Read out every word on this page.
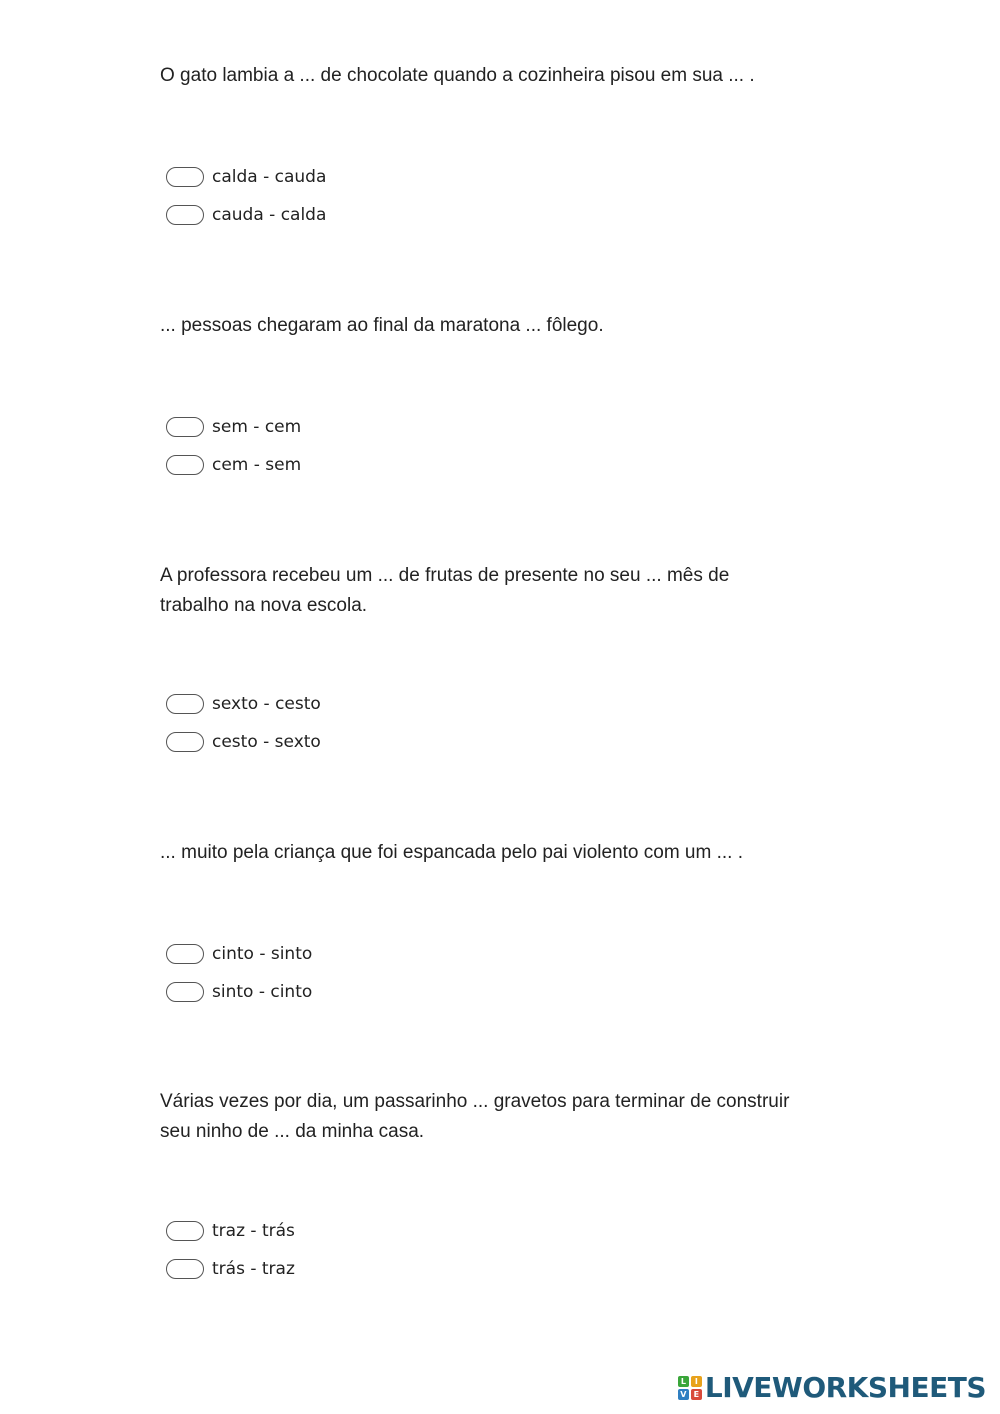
O gato lambia a ... de chocolate quando a cozinheira pisou em sua ... .
calda - cauda
cauda - calda
... pessoas chegaram ao final da maratona ... fôlego.
sem - cem
cem - sem
A professora recebeu um ... de frutas de presente no seu ... mês de trabalho na nova escola.
sexto - cesto
cesto - sexto
... muito pela criança que foi espancada pelo pai violento com um ... .
cinto - sinto
sinto - cinto
Várias vezes por dia, um passarinho ... gravetos para terminar de construir seu ninho de ... da minha casa.
traz - trás
trás - traz
L	I
V E LIVEWORKSHEETS
